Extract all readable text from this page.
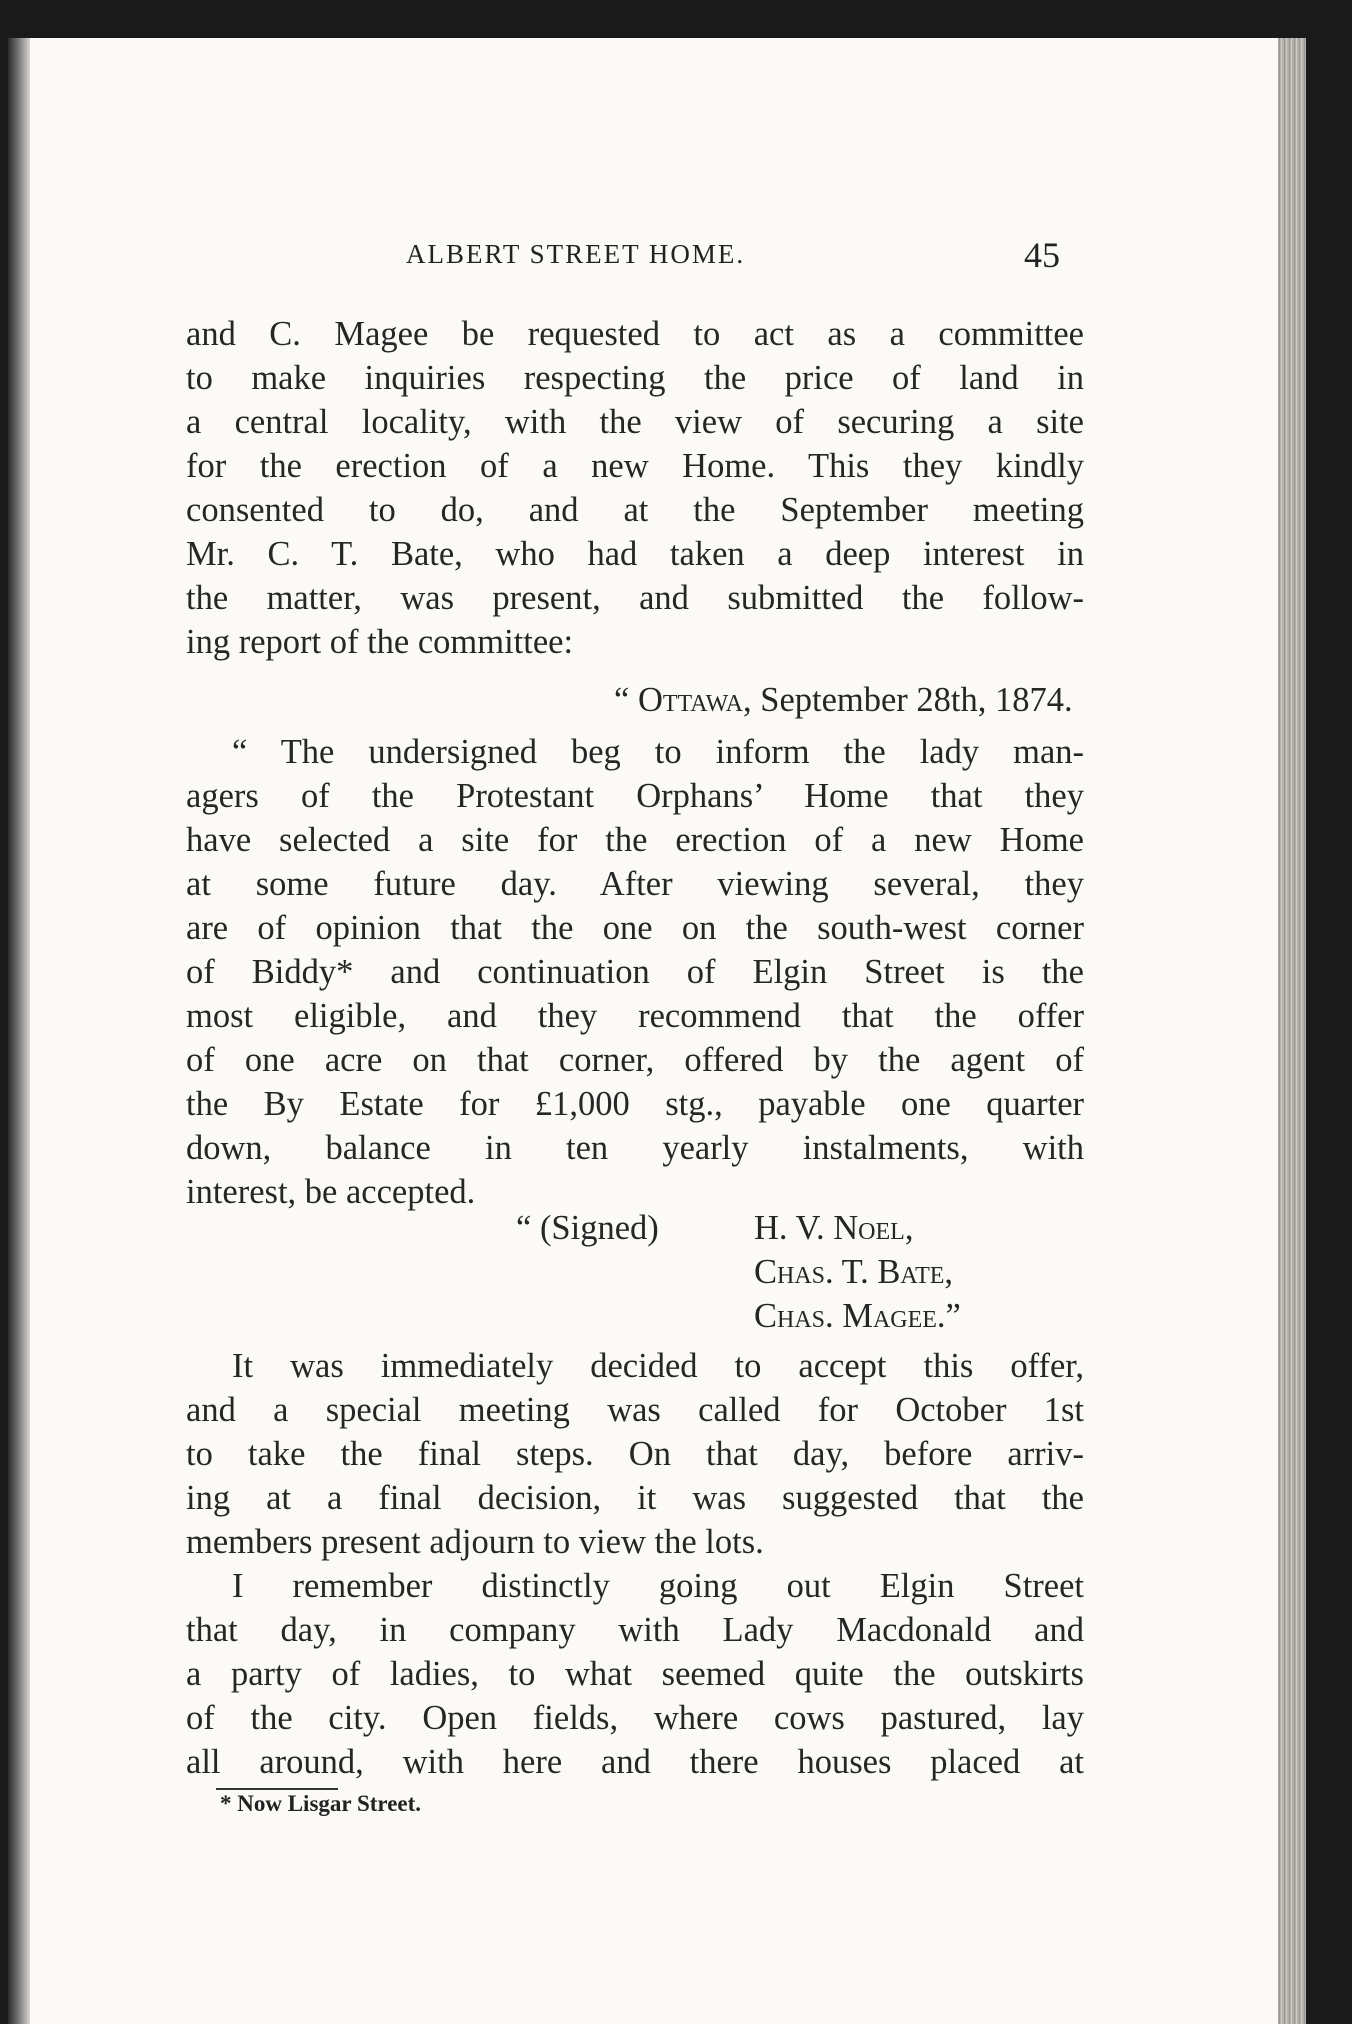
ALBERT STREET HOME.	45
and C. Magee be requested to act as a committee
to make inquiries respecting the price of land in
a central locality, with the view of securing a site
for the erection of a new Home. This they kindly
consented to do, and at the September meeting
Mr. C. T. Bate, who had taken a deep interest in
the matter, was present, and submitted the follow-
ing report of the committee:
“ Ottawa, September 28th, 1874.
“ The undersigned beg to inform the lady man-
agers of the Protestant Orphans’ Home that they
have selected a site for the erection of a new Home
at some future day. After viewing several, they
are of opinion that the one on the south-west corner
of Biddy* and continuation of Elgin Street is the
most eligible, and they recommend that the offer
of one acre on that corner, offered by the agent of
the By Estate for £1,000 stg., payable one quarter
down, balance in ten yearly instalments, with
interest, be accepted.
“ (Signed)	H. V. Noel,
Chas. T. Bate,
Chas. Magee.”
It was immediately decided to accept this offer,
and a special meeting was called for October 1st
to take the final steps. On that day, before arriv-
ing at a final decision, it was suggested that the
members present adjourn to view the lots.
I remember distinctly going out Elgin Street
that day, in company with Lady Macdonald and
a party of ladies, to what seemed quite the outskirts
of the city. Open fields, where cows pastured, lay
all around, with here and there houses placed at
* Now Lisgar Street.
